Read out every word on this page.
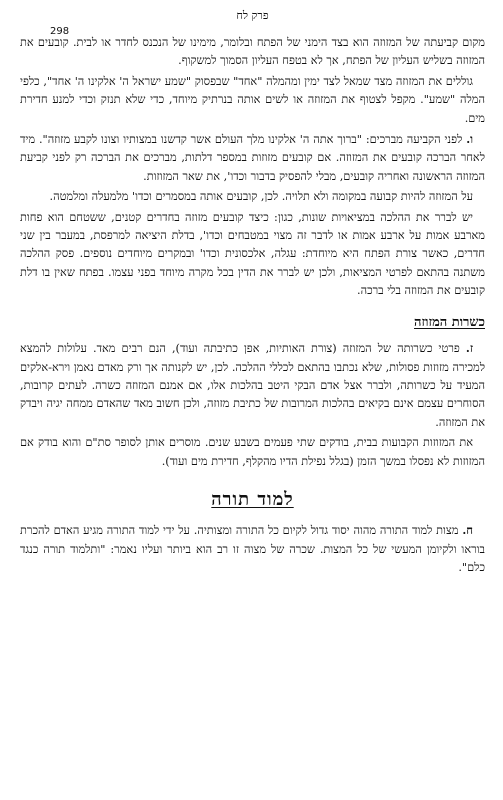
פרק לח
298

מקום קביעתה של המזוזה הוא בצד הימני של הפתח ובלומר, מימינו של הנכנס לחדר או לבית. קובעים את המזוזה בשליש העליון של הפתח, אך לא בטפח העליון הסמוך למשקוף.

גוללים את המזוזה מצד שמאל לצד ימין ומהמלה "אחד" שבפסוק "שמע ישראל ה' אלקינו ה' אחד", כלפי המלה "שמע". מקפל לצטוף את המזוזה או לשים אותה בנרתיק מיוחד, כדי שלא תנזק וכדי למנע חדירת מים.

ו. לפני הקביעה מברכים: "ברוך אתה ה' אלקינו מלך העולם אשר קדשנו במצותיו וצונו לקבע מזוזה". מיד לאחר הברכה קובעים את המזוזה. אם קובעים מזוזות במספר דלתות, מברכים את הברכה רק לפני קביעת המזוזה הראשונה ואחריה קובעים, מבלי להפסיק בדבור וכדו', את שאר המזוזות.

על המזוזה להיות קבועה במקומה ולא תלויה. לכן, קובעים אותה במסמרים וכדו' מלמעלה ומלמטה.

יש לברר את ההלכה במציאויות שונות, כגון: כיצד קובעים מזוזה בחדרים קטנים, ששטחם הוא פחות מארבע אמות על ארבע אמות או לדבר זה מצוי במטבחים וכדו', בדלת היציאה למרפסת, במעבר בין שני חדרים, כאשר צורת הפתח היא מיוחדת: עגלה, אלכסונית וכדו' ובמקרים מיוחדים נוספים. פסק ההלכה משתנה בהתאם לפרטי המציאות, ולכן יש לברר את הדין בכל מקרה מיוחד בפני עצמו. בפתח שאין בו דלת קובעים את המזוזה בלי ברכה.

כשרות המזוזה

ז. פרטי כשרותה של המזוזה (צורת האותיות, אפן כתיבתה ועוד), הנם רבים מאד. עלולות להמצא למכירה מזוזות פסולות, שלא נכתבו בהתאם לכללי ההלכה. לכן, יש לקנותה אך ורק מאדם נאמן וירא-אלקים המעיד על כשרותה, ולברר אצל אדם הבקי היטב בהלכות אלו, אם אמנם המזוזה כשרה. לעתים קרובות, הסוחרים עצמם אינם בקיאים בהלכות המרובות של כתיבת מזוזה, ולכן חשוב מאד שהאדם ממחה יגיה ויבדק את המזוזה.

את המזוזות הקבועות בבית, בודקים שתי פעמים בשבע שנים. מוסרים אותן לסופר סת"ם והוא בודק אם המזוזות לא נפסלו במשך הזמן (בגלל נפילת הדיו מהקלף, חדירת מים ועוד).

למוד תורה

ח. מצות למוד התורה מהוה יסוד גדול לקיום כל התורה ומצותיה. על ידי למוד התורה מגיע האדם להכרת בוראו ולקיומן המעשי של כל המצות. שכרה של מצוה זו רב הוא ביותר ועליו נאמר: "ותלמוד תורה כנגד כלם".
